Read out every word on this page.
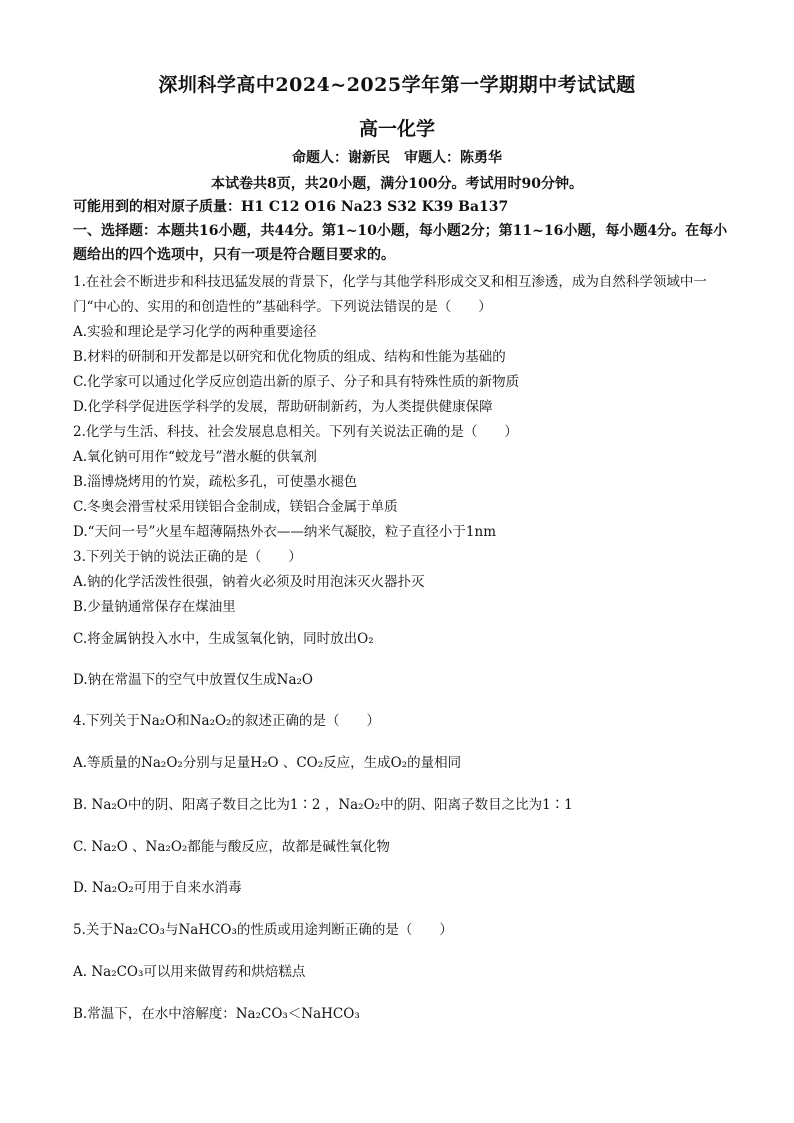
深圳科学高中2024~2025学年第一学期期中考试试题
高一化学
命题人：谢新民　审题人：陈勇华
本试卷共8页，共20小题，满分100分。考试用时90分钟。
可能用到的相对原子质量：H1 C12 O16 Na23 S32 K39 Ba137
一、选择题：本题共16小题，共44分。第1~10小题，每小题2分；第11~16小题，每小题4分。在每小题给出的四个选项中，只有一项是符合题目要求的。
1.在社会不断进步和科技迅猛发展的背景下，化学与其他学科形成交叉和相互渗透，成为自然科学领域中一
门“中心的、实用的和创造性的”基础科学。下列说法错误的是（　　）
A.实验和理论是学习化学的两种重要途径
B.材料的研制和开发都是以研究和优化物质的组成、结构和性能为基础的
C.化学家可以通过化学反应创造出新的原子、分子和具有特殊性质的新物质
D.化学科学促进医学科学的发展，帮助研制新药，为人类提供健康保障
2.化学与生活、科技、社会发展息息相关。下列有关说法正确的是（　　）
A.氧化钠可用作“蛟龙号”潜水艇的供氧剂
B.淄博烧烤用的竹炭，疏松多孔，可使墨水褪色
C.冬奥会滑雪杖采用镁铝合金制成，镁铝合金属于单质
D.“天问一号”火星车超薄隔热外衣——纳米气凝胶，粒子直径小于1nm
3.下列关于钠的说法正确的是（　　）
A.钠的化学活泼性很强，钠着火必须及时用泡沫灭火器扑灭
B.少量钠通常保存在煤油里
C.将金属钠投入水中，生成氢氧化钠，同时放出O₂
D.钠在常温下的空气中放置仅生成Na₂O
4.下列关于Na₂O和Na₂O₂的叙述正确的是（　　）
A.等质量的Na₂O₂分别与足量H₂O 、CO₂反应，生成O₂的量相同
B. Na₂O中的阴、阳离子数目之比为1∶2 ，Na₂O₂中的阴、阳离子数目之比为1∶1
C. Na₂O 、Na₂O₂都能与酸反应，故都是碱性氧化物
D. Na₂O₂可用于自来水消毒
5.关于Na₂CO₃与NaHCO₃的性质或用途判断正确的是（　　）
A. Na₂CO₃可以用来做胃药和烘焙糕点
B.常温下，在水中溶解度：Na₂CO₃＜NaHCO₃
